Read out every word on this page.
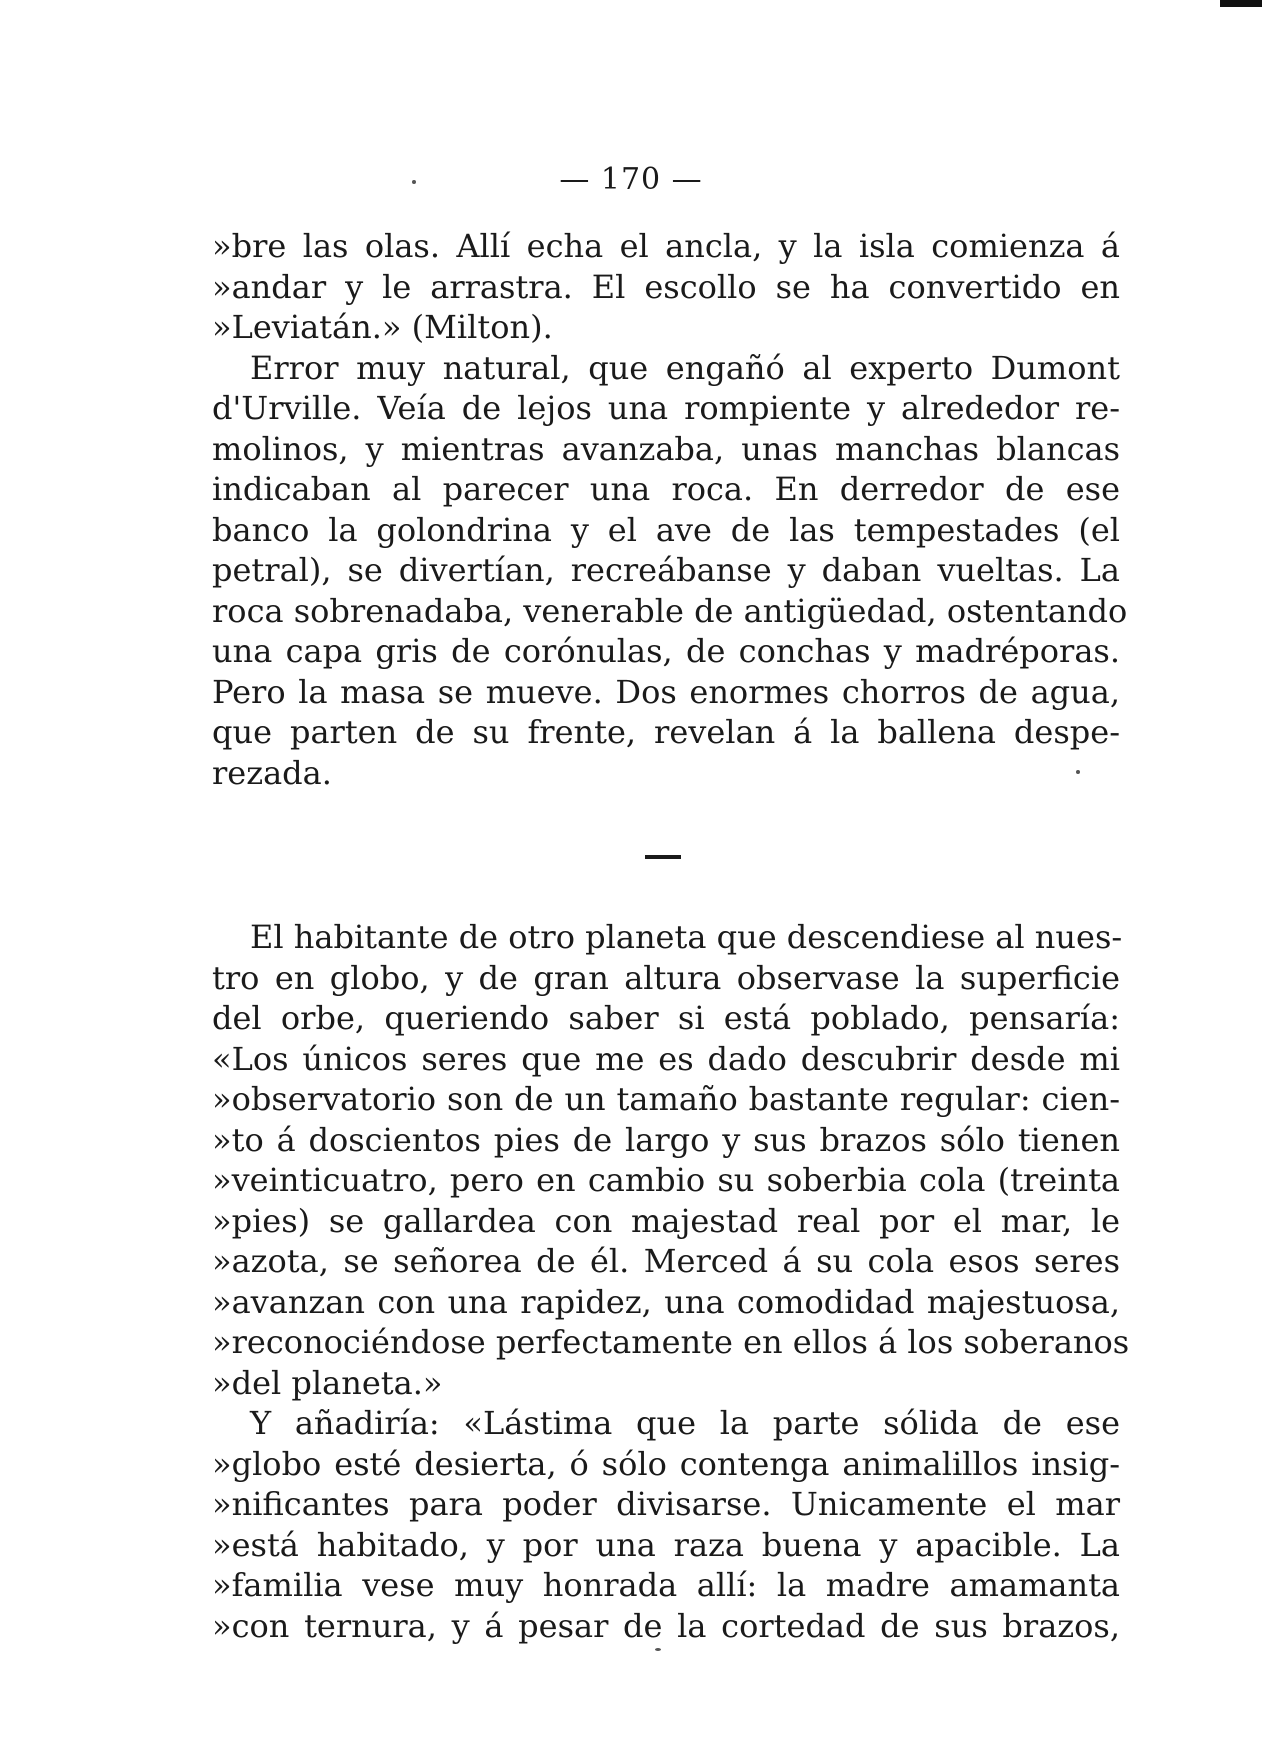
— 170 —
»bre las olas. Allí echa el ancla, y la isla comienza á
»andar y le arrastra. El escollo se ha convertido en
»Leviatán.» (Milton).
Error muy natural, que engañó al experto Dumont
d'Urville. Veía de lejos una rompiente y alrededor re-
molinos, y mientras avanzaba, unas manchas blancas
indicaban al parecer una roca. En derredor de ese
banco la golondrina y el ave de las tempestades (el
petral), se divertían, recreábanse y daban vueltas. La
roca sobrenadaba, venerable de antigüedad, ostentando
una capa gris de corónulas, de conchas y madréporas.
Pero la masa se mueve. Dos enormes chorros de agua,
que parten de su frente, revelan á la ballena despe-
rezada.
El habitante de otro planeta que descendiese al nues-
tro en globo, y de gran altura observase la superficie
del orbe, queriendo saber si está poblado, pensaría:
«Los únicos seres que me es dado descubrir desde mi
»observatorio son de un tamaño bastante regular: cien-
»to á doscientos pies de largo y sus brazos sólo tienen
»veinticuatro, pero en cambio su soberbia cola (treinta
»pies) se gallardea con majestad real por el mar, le
»azota, se señorea de él. Merced á su cola esos seres
»avanzan con una rapidez, una comodidad majestuosa,
»reconociéndose perfectamente en ellos á los soberanos
»del planeta.»
Y añadiría: «Lástima que la parte sólida de ese
»globo esté desierta, ó sólo contenga animalillos insig-
»nificantes para poder divisarse. Unicamente el mar
»está habitado, y por una raza buena y apacible. La
»familia vese muy honrada allí: la madre amamanta
»con ternura, y á pesar de la cortedad de sus brazos,
